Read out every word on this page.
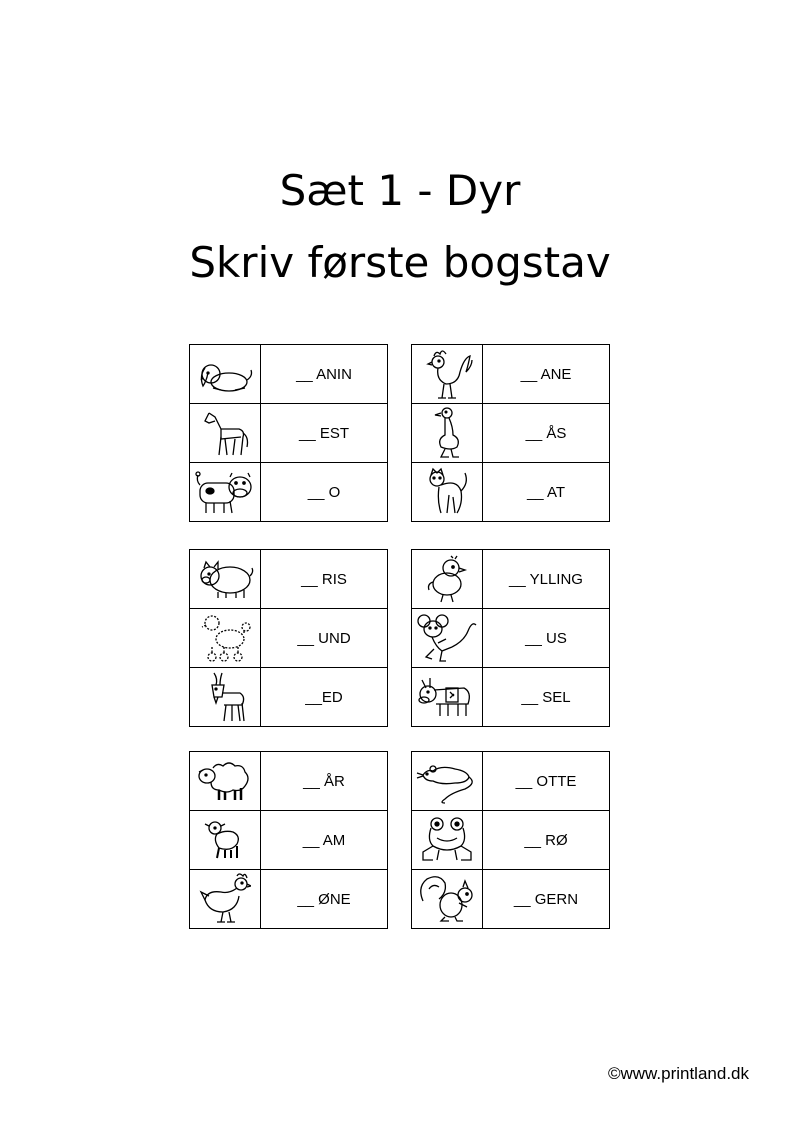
Sæt 1 - Dyr
Skriv første bogstav
	__ ANIN

	__ EST

	__ O
	__ ANE

	__ ÅS

	__ AT
	__ RIS

	__ UND

	__ED
	__ YLLING

	__ US

	__ SEL
	__ ÅR

	__ AM

	__ ØNE
	__ OTTE

	__ RØ

	__ GERN
©www.printland.dk
